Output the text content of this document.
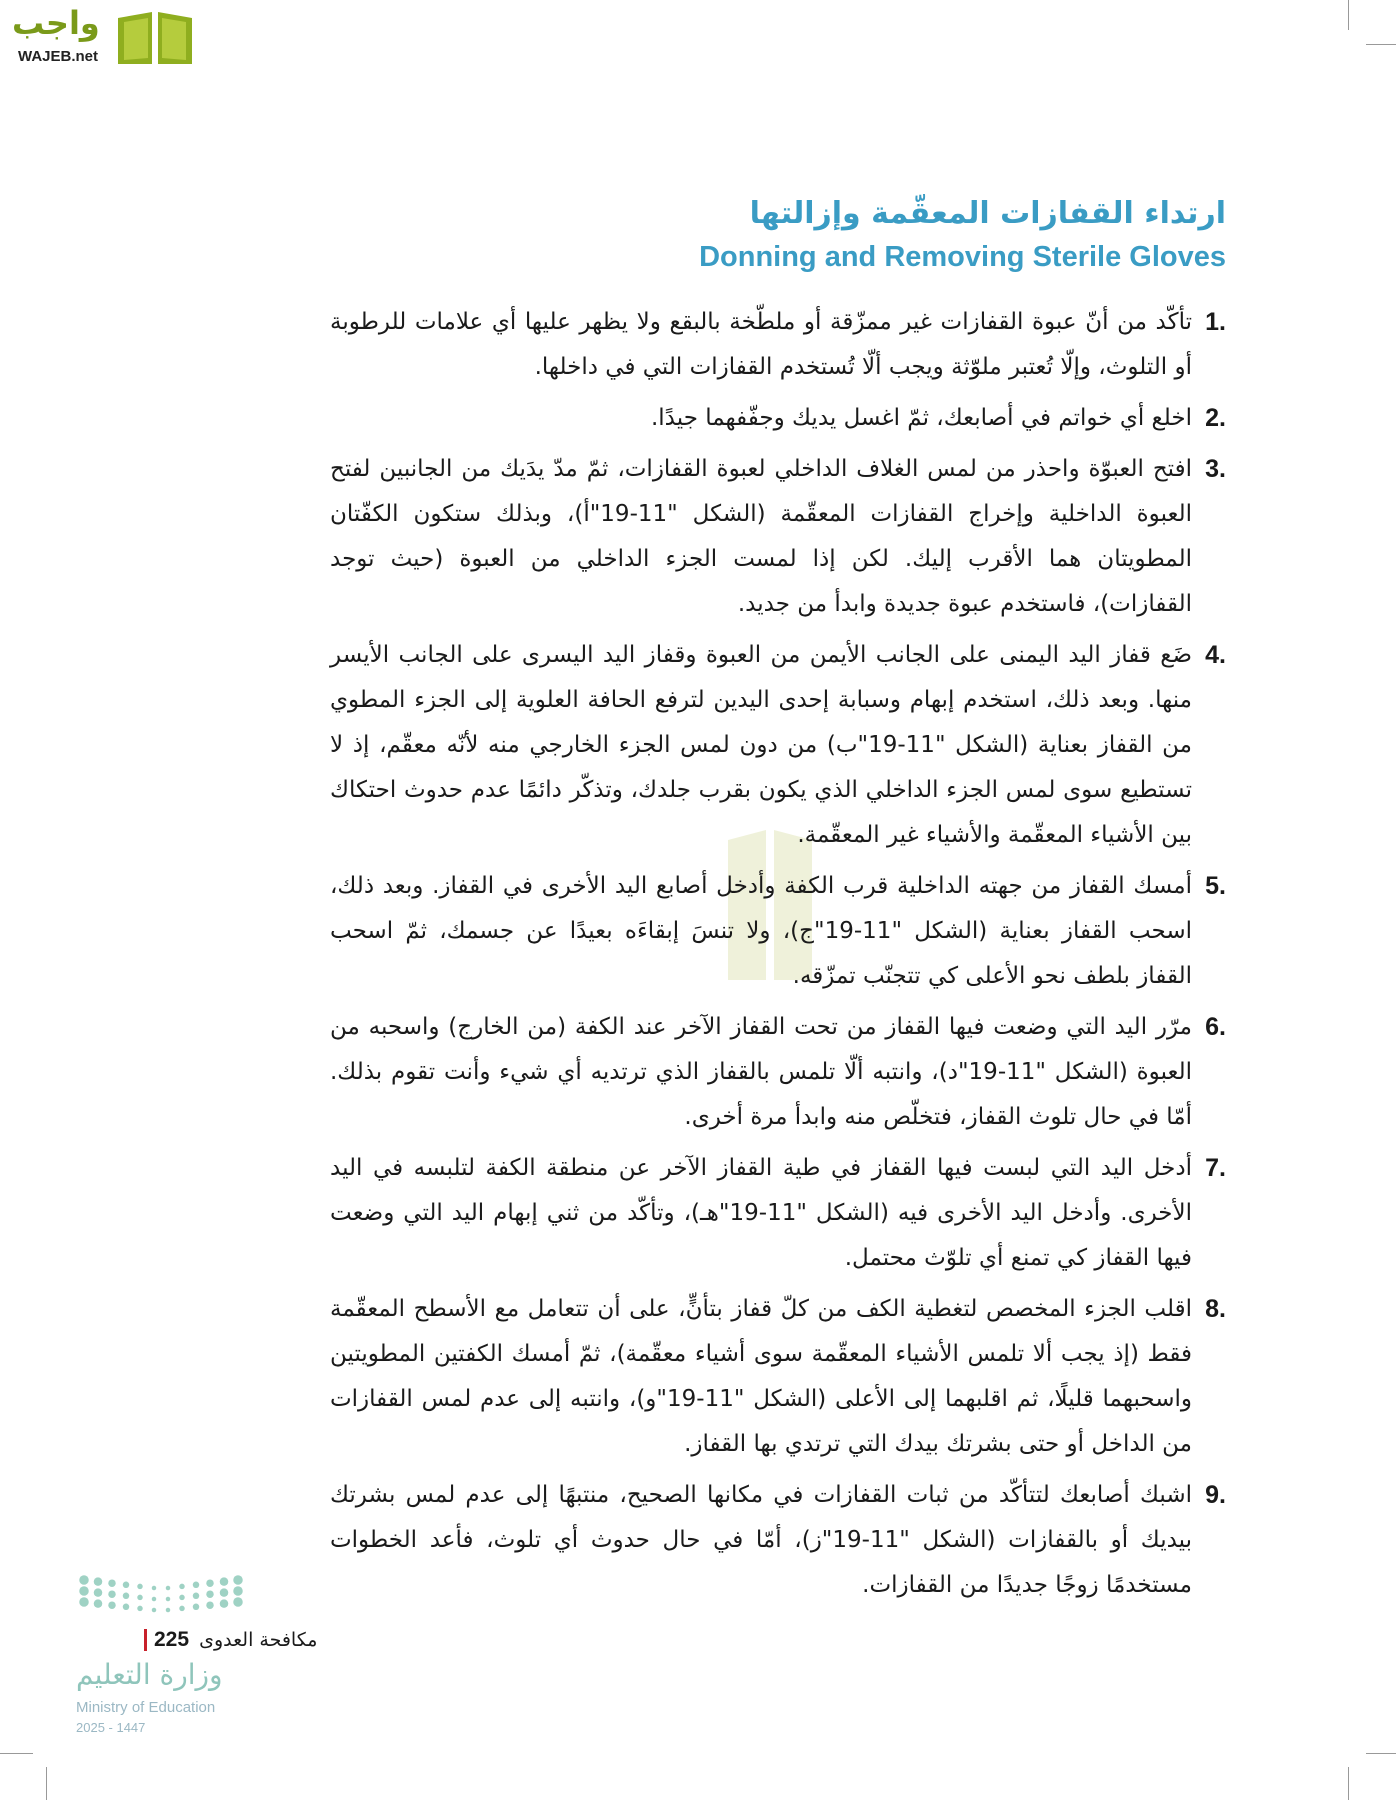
واجب
WAJEB.net
ارتداء القفازات المعقّمة وإزالتها
Donning and Removing Sterile Gloves
1.
تأكّد من أنّ عبوة القفازات غير ممزّقة أو ملطّخة بالبقع ولا يظهر عليها أي علامات للرطوبة أو التلوث، وإلّا تُعتبر ملوّثة ويجب ألّا تُستخدم القفازات التي في داخلها.
2.
اخلع أي خواتم في أصابعك، ثمّ اغسل يديك وجفّفهما جيدًا.
3.
افتح العبوّة واحذر من لمس الغلاف الداخلي لعبوة القفازات، ثمّ مدّ يدَيك من الجانبين لفتح العبوة الداخلية وإخراج القفازات المعقّمة (الشكل "11-19"أ)، وبذلك ستكون الكفّتان المطويتان هما الأقرب إليك. لكن إذا لمست الجزء الداخلي من العبوة (حيث توجد القفازات)، فاستخدم عبوة جديدة وابدأ من جديد.
4.
ضَع قفاز اليد اليمنى على الجانب الأيمن من العبوة وقفاز اليد اليسرى على الجانب الأيسر منها. وبعد ذلك، استخدم إبهام وسبابة إحدى اليدين لترفع الحافة العلوية إلى الجزء المطوي من القفاز بعناية (الشكل "11-19"ب) من دون لمس الجزء الخارجي منه لأنّه معقّم، إذ لا تستطيع سوى لمس الجزء الداخلي الذي يكون بقرب جلدك، وتذكّر دائمًا عدم حدوث احتكاك بين الأشياء المعقّمة والأشياء غير المعقّمة.
5.
أمسك القفاز من جهته الداخلية قرب الكفة وأدخل أصابع اليد الأخرى في القفاز. وبعد ذلك، اسحب القفاز بعناية (الشكل "11-19"ج)، ولا تنسَ إبقاءَه بعيدًا عن جسمك، ثمّ اسحب القفاز بلطف نحو الأعلى كي تتجنّب تمزّقه.
6.
مرّر اليد التي وضعت فيها القفاز من تحت القفاز الآخر عند الكفة (من الخارج) واسحبه من العبوة (الشكل "11-19"د)، وانتبه ألّا تلمس بالقفاز الذي ترتديه أي شيء وأنت تقوم بذلك. أمّا في حال تلوث القفاز، فتخلّص منه وابدأ مرة أخرى.
7.
أدخل اليد التي لبست فيها القفاز في طية القفاز الآخر عن منطقة الكفة لتلبسه في اليد الأخرى. وأدخل اليد الأخرى فيه (الشكل "11-19"هـ)، وتأكّد من ثني إبهام اليد التي وضعت فيها القفاز كي تمنع أي تلوّث محتمل.
8.
اقلب الجزء المخصص لتغطية الكف من كلّ قفاز بتأنٍّ، على أن تتعامل مع الأسطح المعقّمة فقط (إذ يجب ألا تلمس الأشياء المعقّمة سوى أشياء معقّمة)، ثمّ أمسك الكفتين المطويتين واسحبهما قليلًا، ثم اقلبهما إلى الأعلى (الشكل "11-19"و)، وانتبه إلى عدم لمس القفازات من الداخل أو حتى بشرتك بيدك التي ترتدي بها القفاز.
9.
اشبك أصابعك لتتأكّد من ثبات القفازات في مكانها الصحيح، منتبهًا إلى عدم لمس بشرتك بيديك أو بالقفازات (الشكل "11-19"ز)، أمّا في حال حدوث أي تلوث، فأعد الخطوات مستخدمًا زوجًا جديدًا من القفازات.
مكافحة العدوى 225
وزارة التعليم
Ministry of Education
2025 - 1447
